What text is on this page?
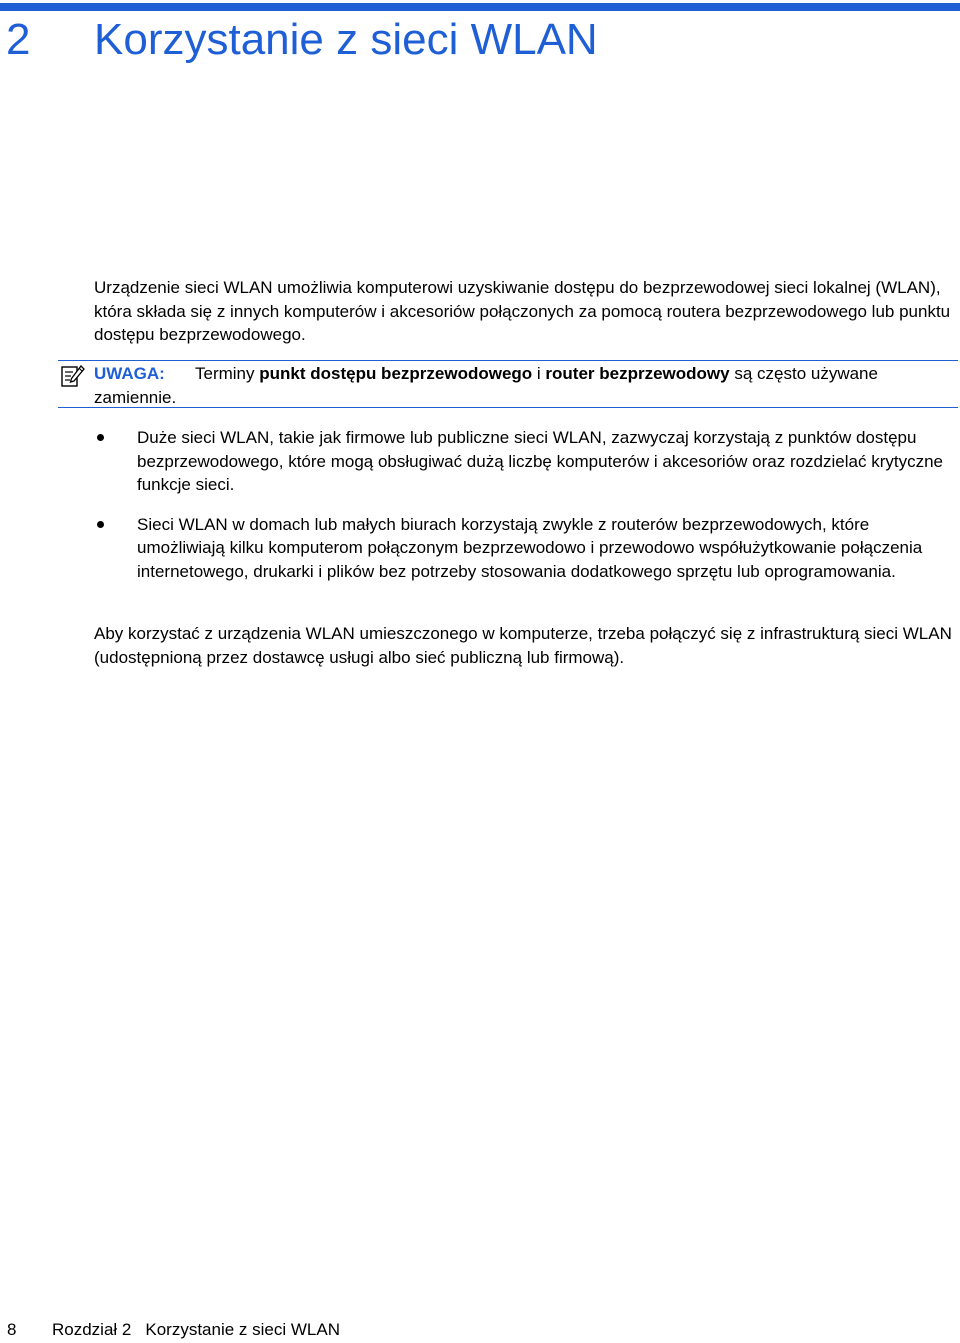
2 Korzystanie z sieci WLAN

Urządzenie sieci WLAN umożliwia komputerowi uzyskiwanie dostępu do bezprzewodowej sieci lokalnej (WLAN), która składa się z innych komputerów i akcesoriów połączonych za pomocą routera bezprzewodowego lub punktu dostępu bezprzewodowego.

UWAGA: Terminy punkt dostępu bezprzewodowego i router bezprzewodowy są często używane zamiennie.
Duże sieci WLAN, takie jak firmowe lub publiczne sieci WLAN, zazwyczaj korzystają z punktów dostępu bezprzewodowego, które mogą obsługiwać dużą liczbę komputerów i akcesoriów oraz rozdzielać krytyczne funkcje sieci.
Sieci WLAN w domach lub małych biurach korzystają zwykle z routerów bezprzewodowych, które umożliwiają kilku komputerom połączonym bezprzewodowo i przewodowo współużytkowanie połączenia internetowego, drukarki i plików bez potrzeby stosowania dodatkowego sprzętu lub oprogramowania.

Aby korzystać z urządzenia WLAN umieszczonego w komputerze, trzeba połączyć się z infrastrukturą sieci WLAN (udostępnioną przez dostawcę usługi albo sieć publiczną lub firmową).

8 Rozdział 2 Korzystanie z sieci WLAN
